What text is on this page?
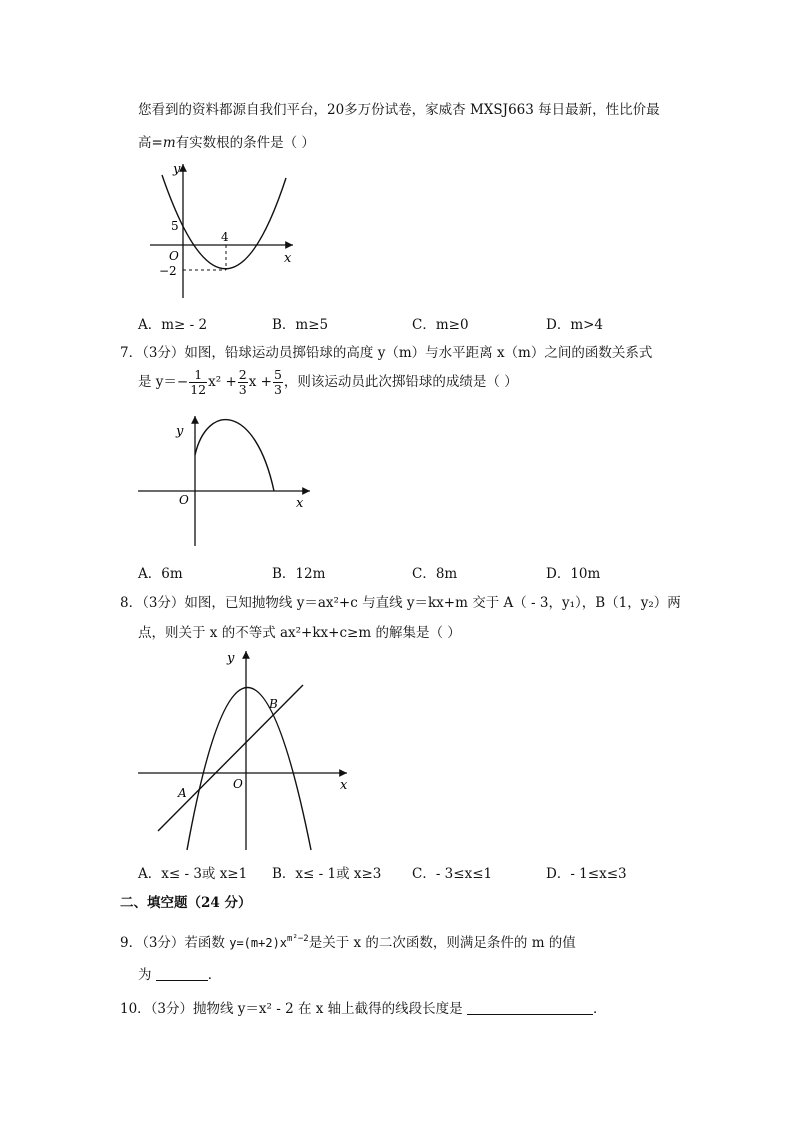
您看到的资料都源自我们平台，20多万份试卷，家威杏 MXSJ663 每日最新，性比价最
高=m有实数根的条件是（ ）
y
x
O
5
4
−2
A．m≥ - 2	B．m≥5	C．m≥0	D．m>4
7．（3分）如图，铅球运动员掷铅球的高度 y（m）与水平距离 x（m）之间的函数关系式
是 $y=- \frac{1}{12} x^2 + \frac{2}{3}$ $x + \frac{5}{3}$ ，则该运动员此次掷铅球的成绩是（ ）
y
x
O
A．6m	B．12m	C．8m	D．10m
8．（3分）如图，已知抛物线 y＝ax²+c 与直线 y＝kx+m 交于 A（ - 3，y₁），B（1，y₂）两
点，则关于 x 的不等式 ax²+kx+c≥m 的解集是（ ）
y
x
O
A
B
A．x≤ - 3或 x≥1 B．x≤ - 1或 x≥3 C．- 3≤x≤1	D．- 1≤x≤3
二、填空题（24 分）
9．（3分）若函数 $y=(m+2)x^{m^2-2}$是关于 x 的二次函数，则满足条件的 m 的值
为	．
10．（3分）抛物线 y＝x² - 2 在 x 轴上截得的线段长度是	．
